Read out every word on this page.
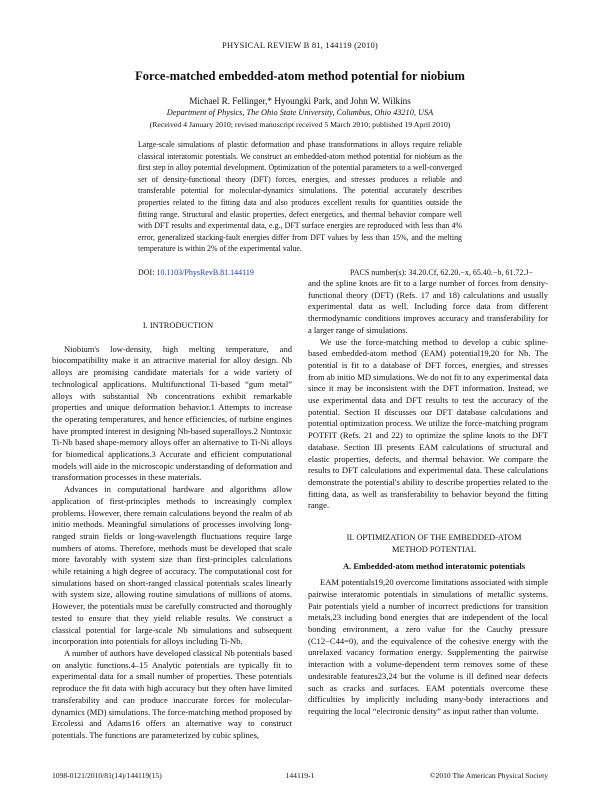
PHYSICAL REVIEW B 81, 144119 (2010)
Force-matched embedded-atom method potential for niobium
Michael R. Fellinger,* Hyoungki Park, and John W. Wilkins
Department of Physics, The Ohio State University, Columbus, Ohio 43210, USA
(Received 4 January 2010; revised manuscript received 5 March 2010; published 19 April 2010)
Large-scale simulations of plastic deformation and phase transformations in alloys require reliable classical interatomic potentials. We construct an embedded-atom method potential for niobium as the first step in alloy potential development. Optimization of the potential parameters to a well-converged set of density-functional theory (DFT) forces, energies, and stresses produces a reliable and transferable potential for molecular-dynamics simulations. The potential accurately describes properties related to the fitting data and also produces excellent results for quantities outside the fitting range. Structural and elastic properties, defect energetics, and thermal behavior compare well with DFT results and experimental data, e.g., DFT surface energies are reproduced with less than 4% error, generalized stacking-fault energies differ from DFT values by less than 15%, and the melting temperature is within 2% of the experimental value.
DOI: 10.1103/PhysRevB.81.144119	PACS number(s): 34.20.Cf, 62.20.−x, 65.40.−b, 61.72.J−

I. INTRODUCTION

Niobium's low-density, high melting temperature, and biocompatibility make it an attractive material for alloy design. Nb alloys are promising candidate materials for a wide variety of technological applications. Multifunctional Ti-based “gum metal” alloys with substantial Nb concentrations exhibit remarkable properties and unique deformation behavior.1 Attempts to increase the operating temperatures, and hence efficiencies, of turbine engines have prompted interest in designing Nb-based superalloys.2 Nontoxic Ti-Nb based shape-memory alloys offer an alternative to Ti-Ni alloys for biomedical applications.3 Accurate and efficient computational models will aide in the microscopic understanding of deformation and transformation processes in these materials.

Advances in computational hardware and algorithms allow application of first-principles methods to increasingly complex problems. However, there remain calculations beyond the realm of ab initio methods. Meaningful simulations of processes involving long-ranged strain fields or long-wavelength fluctuations require large numbers of atoms. Therefore, methods must be developed that scale more favorably with system size than first-principles calculations while retaining a high degree of accuracy. The computational cost for simulations based on short-ranged classical potentials scales linearly with system size, allowing routine simulations of millions of atoms. However, the potentials must be carefully constructed and thoroughly tested to ensure that they yield reliable results. We construct a classical potential for large-scale Nb simulations and subsequent incorporation into potentials for alloys including Ti-Nb.

A number of authors have developed classical Nb potentials based on analytic functions.4–15 Analytic potentials are typically fit to experimental data for a small number of properties. These potentials reproduce the fit data with high accuracy but they often have limited transferability and can produce inaccurate forces for molecular-dynamics (MD) simulations. The force-matching method proposed by Ercolessi and Adams16 offers an alternative way to construct potentials. The functions are parameterized by cubic splines,

and the spline knots are fit to a large number of forces from density-functional theory (DFT) (Refs. 17 and 18) calculations and usually experimental data as well. Including force data from different thermodynamic conditions improves accuracy and transferability for a larger range of simulations.

We use the force-matching method to develop a cubic spline-based embedded-atom method (EAM) potential19,20 for Nb. The potential is fit to a database of DFT forces, energies, and stresses from ab initio MD simulations. We do not fit to any experimental data since it may be inconsistent with the DFT information. Instead, we use experimental data and DFT results to test the accuracy of the potential. Section II discusses our DFT database calculations and potential optimization process. We utilize the force-matching program POTFIT (Refs. 21 and 22) to optimize the spline knots to the DFT database. Section III presents EAM calculations of structural and elastic properties, defects, and thermal behavior. We compare the results to DFT calculations and experimental data. These calculations demonstrate the potential's ability to describe properties related to the fitting data, as well as transferability to behavior beyond the fitting range.

II. OPTIMIZATION OF THE EMBEDDED-ATOM

METHOD POTENTIAL

A. Embedded-atom method interatomic potentials

EAM potentials19,20 overcome limitations associated with simple pairwise interatomic potentials in simulations of metallic systems. Pair potentials yield a number of incorrect predictions for transition metals,23 including bond energies that are independent of the local bonding environment, a zero value for the Cauchy pressure (C12−C44=0), and the equivalence of the cohesive energy with the unrelaxed vacancy formation energy. Supplementing the pairwise interaction with a volume-dependent term removes some of these undesirable features23,24 but the volume is ill defined near defects such as cracks and surfaces. EAM potentials overcome these difficulties by implicitly including many-body interactions and requiring the local “electronic density” as input rather than volume.

1098-0121/2010/81(14)/144119(15)	144119-1	©2010 The American Physical Society
